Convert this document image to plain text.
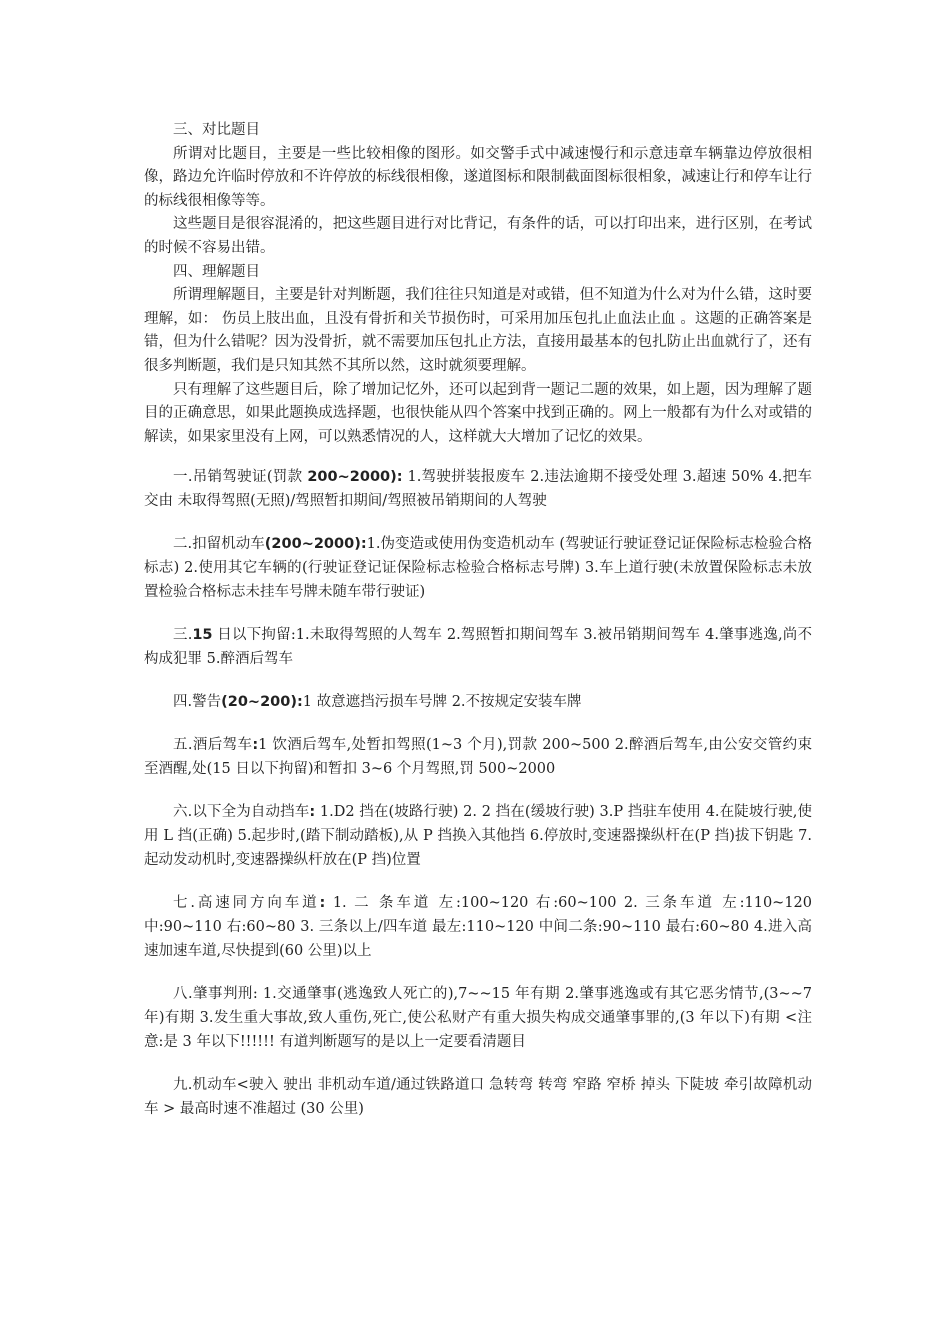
三、对比题目

所谓对比题目，主要是一些比较相像的图形。如交警手式中减速慢行和示意违章车辆靠边停放很相像，路边允许临时停放和不许停放的标线很相像，遂道图标和限制截面图标很相象，减速让行和停车让行的标线很相像等等。

这些题目是很容混淆的，把这些题目进行对比背记，有条件的话，可以打印出来，进行区别，在考试的时候不容易出错。

四、理解题目

所谓理解题目，主要是针对判断题，我们往往只知道是对或错，但不知道为什么对为什么错，这时要理解，如： 伤员上肢出血，且没有骨折和关节损伤时，可采用加压包扎止血法止血 。这题的正确答案是错，但为什么错呢？因为没骨折，就不需要加压包扎止方法，直接用最基本的包扎防止出血就行了，还有很多判断题，我们是只知其然不其所以然，这时就须要理解。

只有理解了这些题目后，除了增加记忆外，还可以起到背一题记二题的效果，如上题，因为理解了题目的正确意思，如果此题换成选择题，也很快能从四个答案中找到正确的。网上一般都有为什么对或错的解读，如果家里没有上网，可以熟悉情况的人，这样就大大增加了记忆的效果。

一.吊销驾驶证(罚款 200~2000): 1.驾驶拼装报废车 2.违法逾期不接受处理 3.超速 50% 4.把车交由 未取得驾照(无照)/驾照暂扣期间/驾照被吊销期间的人驾驶

二.扣留机动车(200~2000):1.伪变造或使用伪变造机动车 (驾驶证行驶证登记证保险标志检验合格标志) 2.使用其它车辆的(行驶证登记证保险标志检验合格标志号牌) 3.车上道行驶(未放置保险标志未放置检验合格标志未挂车号牌未随车带行驶证)

三.15 日以下拘留:1.未取得驾照的人驾车 2.驾照暂扣期间驾车 3.被吊销期间驾车 4.肇事逃逸,尚不构成犯罪 5.醉酒后驾车

四.警告(20~200):1 故意遮挡污损车号牌 2.不按规定安装车牌

五.酒后驾车:1 饮酒后驾车,处暂扣驾照(1~3 个月),罚款 200~500 2.醉酒后驾车,由公安交管约束至酒醒,处(15 日以下拘留)和暂扣 3~6 个月驾照,罚 500~2000

六.以下全为自动挡车: 1.D2 挡在(坡路行驶) 2. 2 挡在(缓坡行驶) 3.P 挡驻车使用 4.在陡坡行驶,使用 L 挡(正确) 5.起步时,(踏下制动踏板),从 P 挡换入其他挡 6.停放时,变速器操纵杆在(P 挡)拔下钥匙 7.起动发动机时,变速器操纵杆放在(P 挡)位置

七.高速同方向车道: 1. 二 条车道 左:100~120 右:60~100 2. 三条车道 左:110~120 中:90~110 右:60~80 3. 三条以上/四车道 最左:110~120 中间二条:90~110 最右:60~80 4.进入高速加速车道,尽快提到(60 公里)以上

八.肇事判刑: 1.交通肇事(逃逸致人死亡的),7~~15 年有期 2.肇事逃逸或有其它恶劣情节,(3~~7 年)有期 3.发生重大事故,致人重伤,死亡,使公私财产有重大损失构成交通肇事罪的,(3 年以下)有期 <注意:是 3 年以下!!!!!! 有道判断题写的是以上一定要看清题目

九.机动车<驶入 驶出 非机动车道/通过铁路道口 急转弯 转弯 窄路 窄桥 掉头 下陡坡 牵引故障机动车 > 最高时速不准超过 (30 公里)
